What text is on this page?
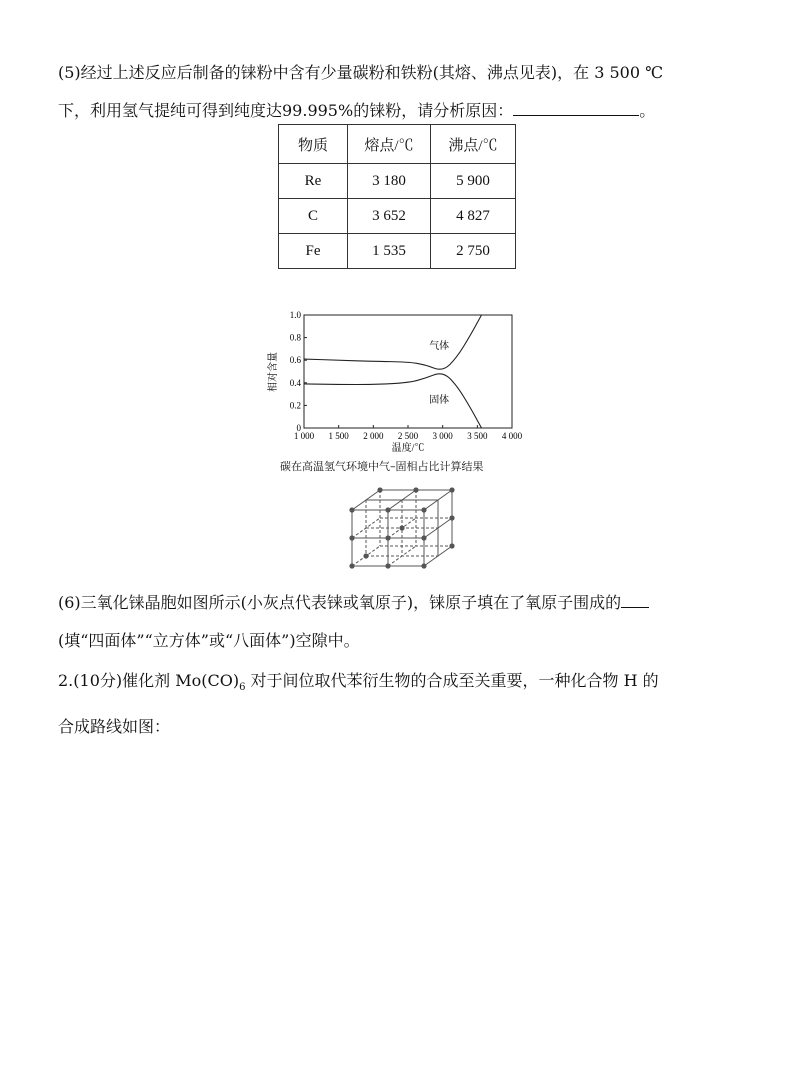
(5)经过上述反应后制备的铼粉中含有少量碳粉和铁粉(其熔、沸点见表)，在 3 500 ℃
下，利用氢气提纯可得到纯度达99.995%的铼粉，请分析原因：	。
物质	熔点/℃	沸点/℃
Re	3 180	5 900
C	3 652	4 827
Fe	1 535	2 750
0
0.2
0.4
0.6
0.8
1.0
1 000 1 500 2 000 2 500 3 000 3 500 4 000
气体
固体
相对含量
温度/℃
碳在高温氢气环境中气–固相占比计算结果
(6)三氧化铼晶胞如图所示(小灰点代表铼或氧原子)，铼原子填在了氧原子围成的
(填“四面体”“立方体”或“八面体”)空隙中。
2.(10分)催化剂 $Mo(CO)_6$ 对于间位取代苯衍生物的合成至关重要，一种化合物 H 的
合成路线如图：
